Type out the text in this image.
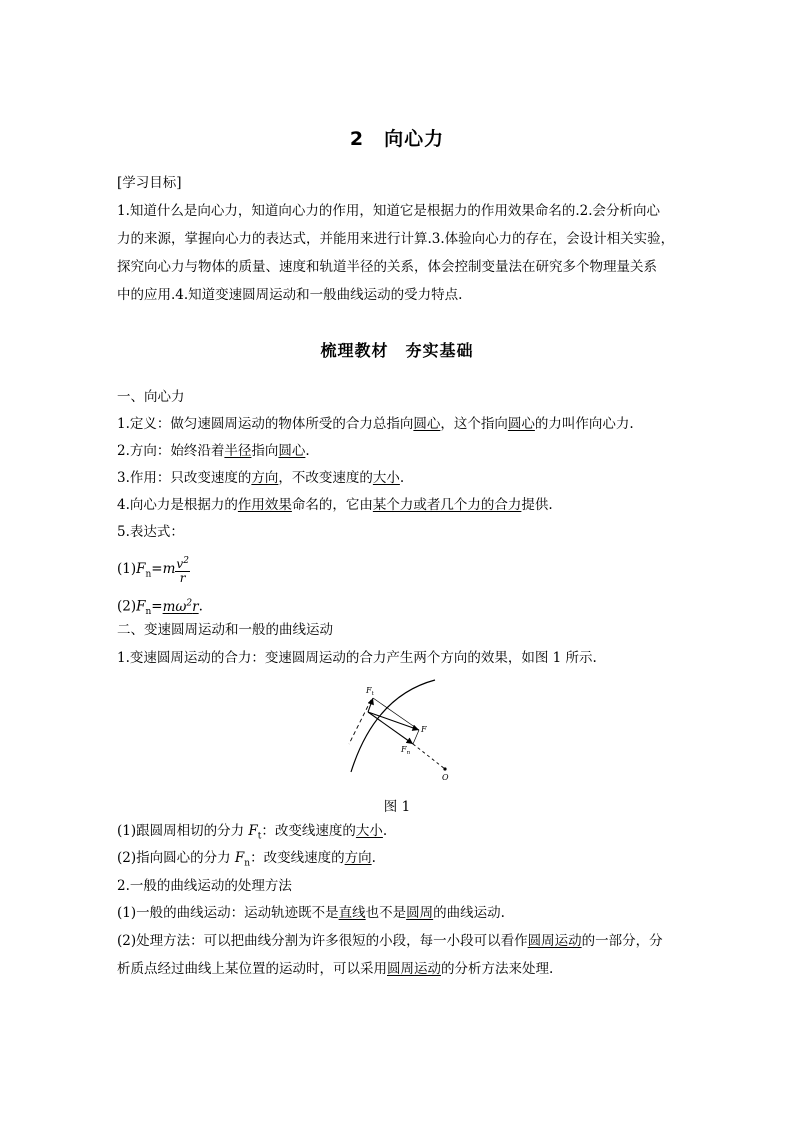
2　向心力
[学习目标]
1.知道什么是向心力，知道向心力的作用，知道它是根据力的作用效果命名的.2.会分析向心
力的来源，掌握向心力的表达式，并能用来进行计算.3.体验向心力的存在，会设计相关实验，
探究向心力与物体的质量、速度和轨道半径的关系，体会控制变量法在研究多个物理量关系
中的应用.4.知道变速圆周运动和一般曲线运动的受力特点.
梳理教材　夯实基础
一、向心力
1.定义：做匀速圆周运动的物体所受的合力总指向圆心，这个指向圆心的力叫作向心力.
2.方向：始终沿着半径指向圆心.
3.作用：只改变速度的方向，不改变速度的大小.
4.向心力是根据力的作用效果命名的，它由某个力或者几个力的合力提供.
5.表达式：
$(1)F_n=m \frac{v^2}{r}$
$(2)F_n=m\omega^2r$.
二、变速圆周运动和一般的曲线运动
1.变速圆周运动的合力：变速圆周运动的合力产生两个方向的效果，如图 1 所示.
$F_t$
F
$F_n$
O
图 1
(1)跟圆周相切的分力 $F_t$：改变线速度的大小.
(2)指向圆心的分力 $F_n$：改变线速度的方向.
2.一般的曲线运动的处理方法
(1)一般的曲线运动：运动轨迹既不是直线也不是圆周的曲线运动.
(2)处理方法：可以把曲线分割为许多很短的小段，每一小段可以看作圆周运动的一部分，分
析质点经过曲线上某位置的运动时，可以采用圆周运动的分析方法来处理.
